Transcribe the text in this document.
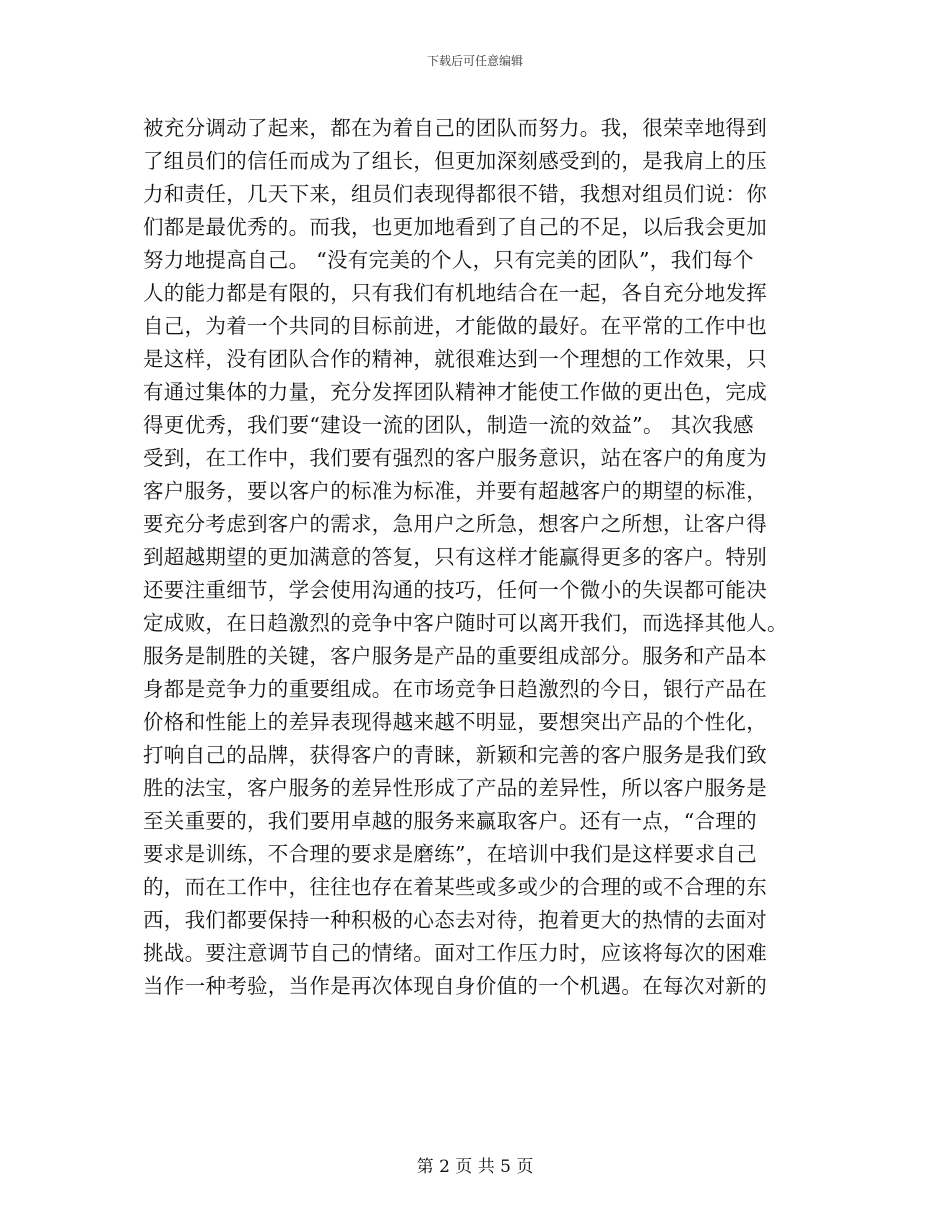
下载后可任意编辑
被充分调动了起来，都在为着自己的团队而努力。我，很荣幸地得到
了组员们的信任而成为了组长，但更加深刻感受到的，是我肩上的压
力和责任，几天下来，组员们表现得都很不错，我想对组员们说：你
们都是最优秀的。而我，也更加地看到了自己的不足，以后我会更加
努力地提高自己。 “没有完美的个人，只有完美的团队”，我们每个
人的能力都是有限的，只有我们有机地结合在一起，各自充分地发挥
自己，为着一个共同的目标前进，才能做的最好。在平常的工作中也
是这样，没有团队合作的精神，就很难达到一个理想的工作效果，只
有通过集体的力量，充分发挥团队精神才能使工作做的更出色，完成
得更优秀，我们要“建设一流的团队，制造一流的效益”。 其次我感
受到，在工作中，我们要有强烈的客户服务意识，站在客户的角度为
客户服务，要以客户的标准为标准，并要有超越客户的期望的标准，
要充分考虑到客户的需求，急用户之所急，想客户之所想，让客户得
到超越期望的更加满意的答复，只有这样才能赢得更多的客户。特别
还要注重细节，学会使用沟通的技巧，任何一个微小的失误都可能决
定成败，在日趋激烈的竞争中客户随时可以离开我们，而选择其他人。
服务是制胜的关键，客户服务是产品的重要组成部分。服务和产品本
身都是竞争力的重要组成。在市场竞争日趋激烈的今日，银行产品在
价格和性能上的差异表现得越来越不明显，要想突出产品的个性化，
打响自己的品牌，获得客户的青睐，新颖和完善的客户服务是我们致
胜的法宝，客户服务的差异性形成了产品的差异性，所以客户服务是
至关重要的，我们要用卓越的服务来赢取客户。还有一点，“合理的
要求是训练，不合理的要求是磨练”，在培训中我们是这样要求自己
的，而在工作中，往往也存在着某些或多或少的合理的或不合理的东
西，我们都要保持一种积极的心态去对待，抱着更大的热情的去面对
挑战。要注意调节自己的情绪。面对工作压力时，应该将每次的困难
当作一种考验，当作是再次体现自身价值的一个机遇。在每次对新的
第 2 页 共 5 页
